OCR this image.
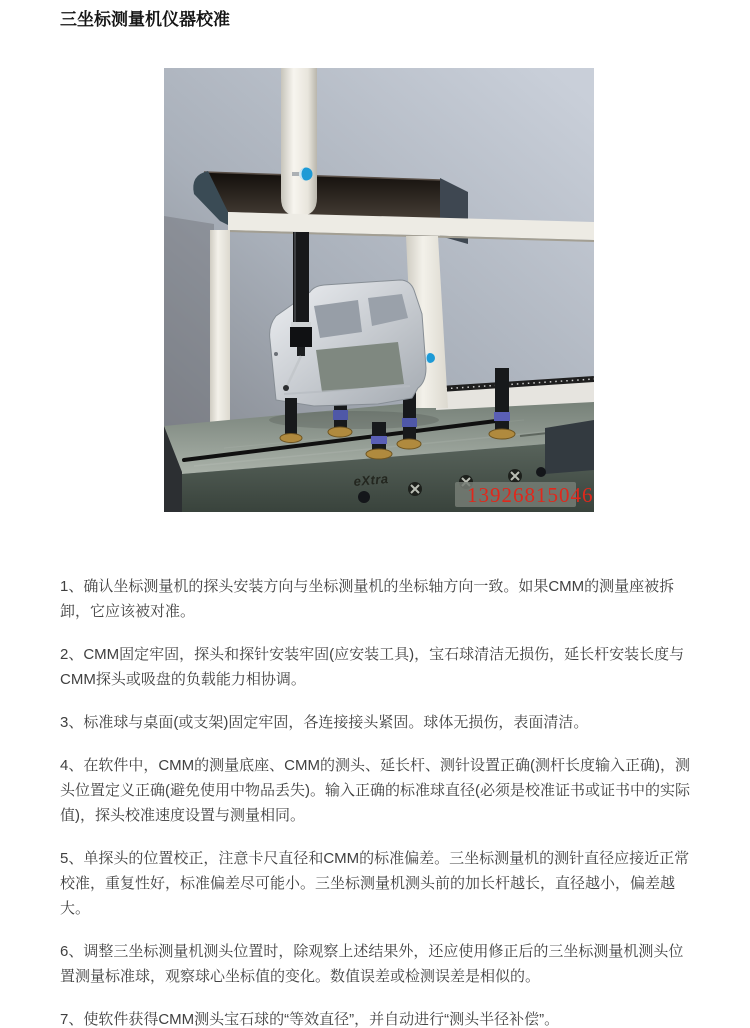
三坐标测量机仪器校准
eXtra
13926815046

1、确认坐标测量机的探头安装方向与坐标测量机的坐标轴方向一致。如果CMM的测量座被拆卸，它应该被对准。

2、CMM固定牢固，探头和探针安装牢固(应安装工具)，宝石球清洁无损伤，延长杆安装长度与CMM探头或吸盘的负载能力相协调。

3、标准球与桌面(或支架)固定牢固，各连接接头紧固。球体无损伤，表面清洁。

4、在软件中，CMM的测量底座、CMM的测头、延长杆、测针设置正确(测杆长度输入正确)，测头位置定义正确(避免使用中物品丢失)。输入正确的标准球直径(必须是校准证书或证书中的实际值)，探头校准速度设置与测量相同。

5、单探头的位置校正，注意卡尺直径和CMM的标准偏差。三坐标测量机的测针直径应接近正常校准，重复性好，标准偏差尽可能小。三坐标测量机测头前的加长杆越长，直径越小，偏差越大。

6、调整三坐标测量机测头位置时，除观察上述结果外，还应使用修正后的三坐标测量机测头位置测量标准球，观察球心坐标值的变化。数值误差或检测误差是相似的。

7、使软件获得CMM测头宝石球的“等效直径”，并自动进行“测头半径补偿”。
